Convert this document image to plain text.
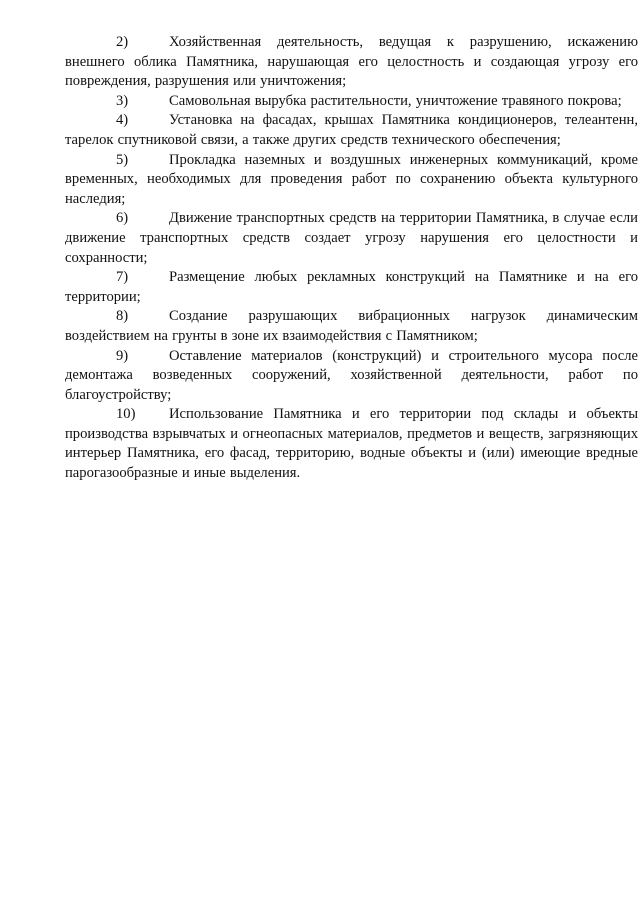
2)	Хозяйственная деятельность, ведущая к разрушению, искажению внешнего облика Памятника, нарушающая его целостность и создающая угрозу его повреждения, разрушения или уничтожения;

3)	Самовольная вырубка растительности, уничтожение травяного покрова;

4)	Установка на фасадах, крышах Памятника кондиционеров, телеантенн, тарелок спутниковой связи, а также других средств технического обеспечения;

5)	Прокладка наземных и воздушных инженерных коммуникаций, кроме временных, необходимых для проведения работ по сохранению объекта культурного наследия;

6)	Движение транспортных средств на территории Памятника, в случае если движение транспортных средств создает угрозу нарушения его целостности и сохранности;

7)	Размещение любых рекламных конструкций на Памятнике и на его территории;

8)	Создание разрушающих вибрационных нагрузок динамическим воздействием на грунты в зоне их взаимодействия с Памятником;

9)	Оставление материалов (конструкций) и строительного мусора после демонтажа возведенных сооружений, хозяйственной деятельности, работ по благоустройству;

10) Использование Памятника и его территории под склады и объекты производства взрывчатых и огнеопасных материалов, предметов и веществ, загрязняющих интерьер Памятника, его фасад, территорию, водные объекты и (или) имеющие вредные парогазообразные и иные выделения.
